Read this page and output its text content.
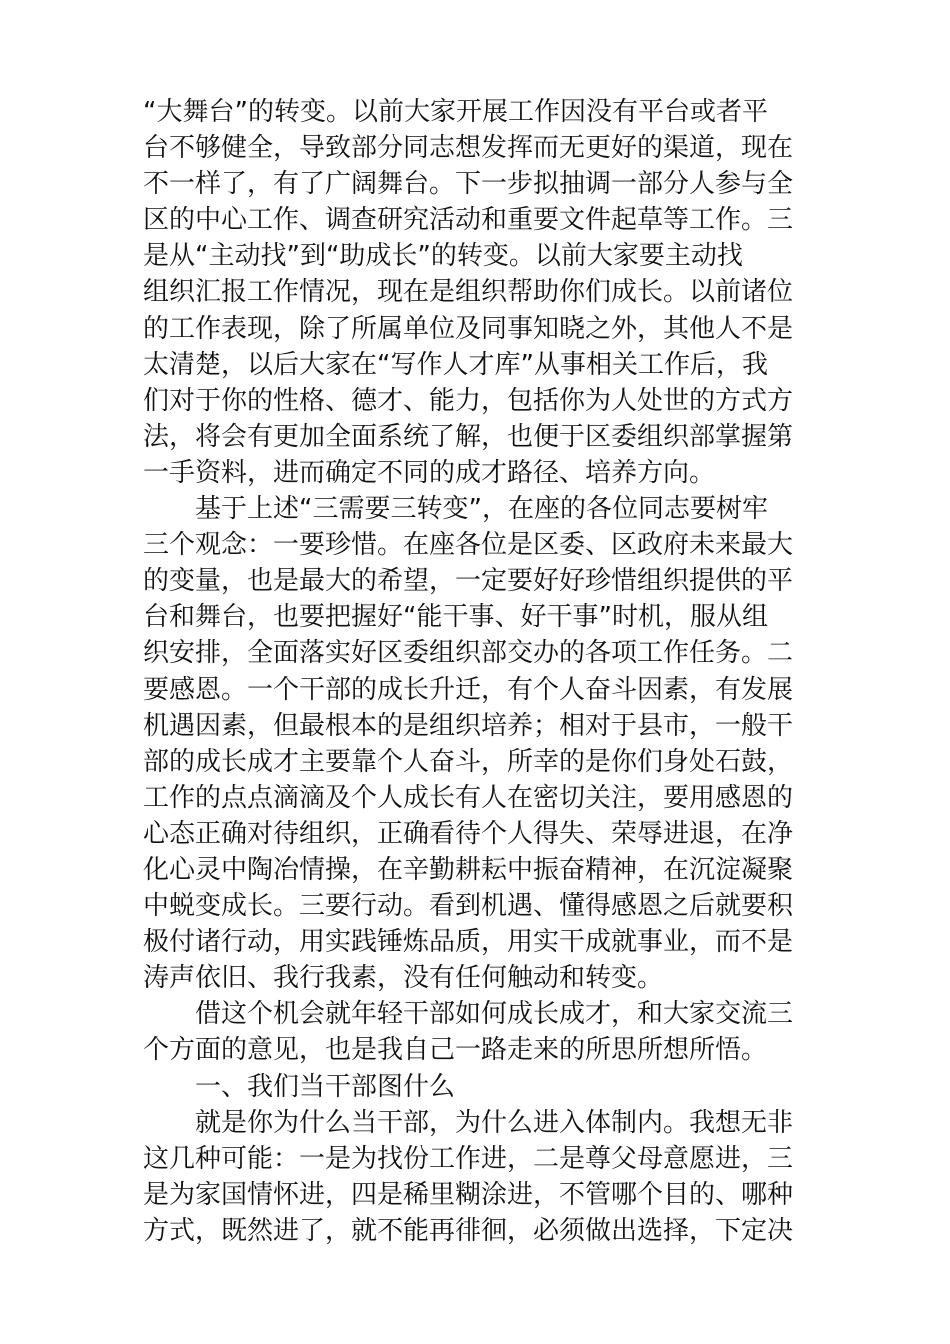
“大舞台”的转变。以前大家开展工作因没有平台或者平
台不够健全，导致部分同志想发挥而无更好的渠道，现在
不一样了，有了广阔舞台。下一步拟抽调一部分人参与全
区的中心工作、调查研究活动和重要文件起草等工作。三
是从“主动找”到“助成长”的转变。以前大家要主动找
组织汇报工作情况，现在是组织帮助你们成长。以前诸位
的工作表现，除了所属单位及同事知晓之外，其他人不是
太清楚，以后大家在“写作人才库”从事相关工作后，我
们对于你的性格、德才、能力，包括你为人处世的方式方
法，将会有更加全面系统了解，也便于区委组织部掌握第
一手资料，进而确定不同的成才路径、培养方向。
基于上述“三需要三转变”，在座的各位同志要树牢
三个观念：一要珍惜。在座各位是区委、区政府未来最大
的变量，也是最大的希望，一定要好好珍惜组织提供的平
台和舞台，也要把握好“能干事、好干事”时机，服从组
织安排，全面落实好区委组织部交办的各项工作任务。二
要感恩。一个干部的成长升迁，有个人奋斗因素，有发展
机遇因素，但最根本的是组织培养；相对于县市，一般干
部的成长成才主要靠个人奋斗，所幸的是你们身处石鼓，
工作的点点滴滴及个人成长有人在密切关注，要用感恩的
心态正确对待组织，正确看待个人得失、荣辱进退，在净
化心灵中陶冶情操，在辛勤耕耘中振奋精神，在沉淀凝聚
中蜕变成长。三要行动。看到机遇、懂得感恩之后就要积
极付诸行动，用实践锤炼品质，用实干成就事业，而不是
涛声依旧、我行我素，没有任何触动和转变。
借这个机会就年轻干部如何成长成才，和大家交流三
个方面的意见，也是我自己一路走来的所思所想所悟。
一、我们当干部图什么
就是你为什么当干部，为什么进入体制内。我想无非
这几种可能：一是为找份工作进，二是尊父母意愿进，三
是为家国情怀进，四是稀里糊涂进，不管哪个目的、哪种
方式，既然进了，就不能再徘徊，必须做出选择，下定决
